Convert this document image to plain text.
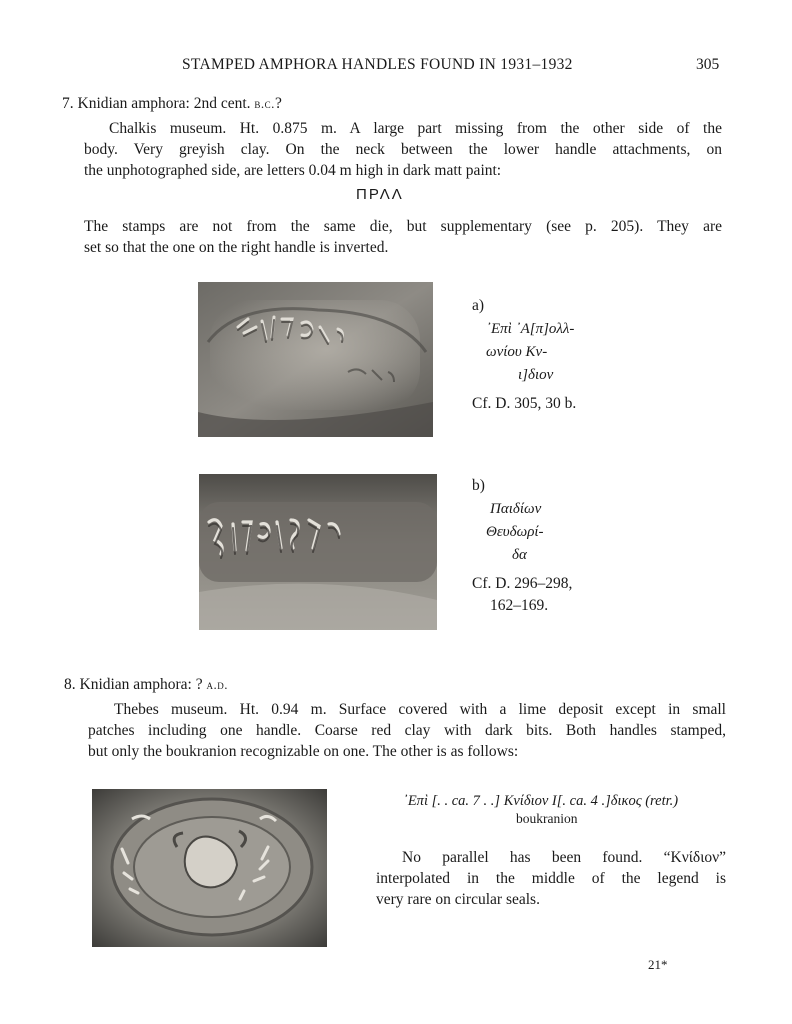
STAMPED AMPHORA HANDLES FOUND IN 1931–1932	305

7. Knidian amphora: 2nd cent. b.c.?

Chalkis museum. Ht. 0.875 m. A large part missing from the other side of the
body. Very greyish clay. On the neck between the lower handle attachments, on
the unphotographed side, are letters 0.04 m high in dark matt paint:
ΠΡΛΛ
The stamps are not from the same die, but supplementary (see p. 205). They are
set so that the one on the right handle is inverted.
a)
᾿Επὶ ᾿Α[π]ολλ-
ωνίου Κν-
ι]διον
Cf. D. 305, 30 b.
b)
Παιδίων
Θευδωρί-
δα
Cf. D. 296–298,
162–169.

8. Knidian amphora: ? a.d.

Thebes museum. Ht. 0.94 m. Surface covered with a lime deposit except in small
patches including one handle. Coarse red clay with dark bits. Both handles stamped,
but only the boukranion recognizable on one. The other is as follows:
᾿Επὶ [. . ca. 7 . .] Κνίδιον Ι[. ca. 4 .]δικος (retr.)
boukranion
No parallel has been found. “Κνίδιον”
interpolated in the middle of the legend is
very rare on circular seals.
21*
